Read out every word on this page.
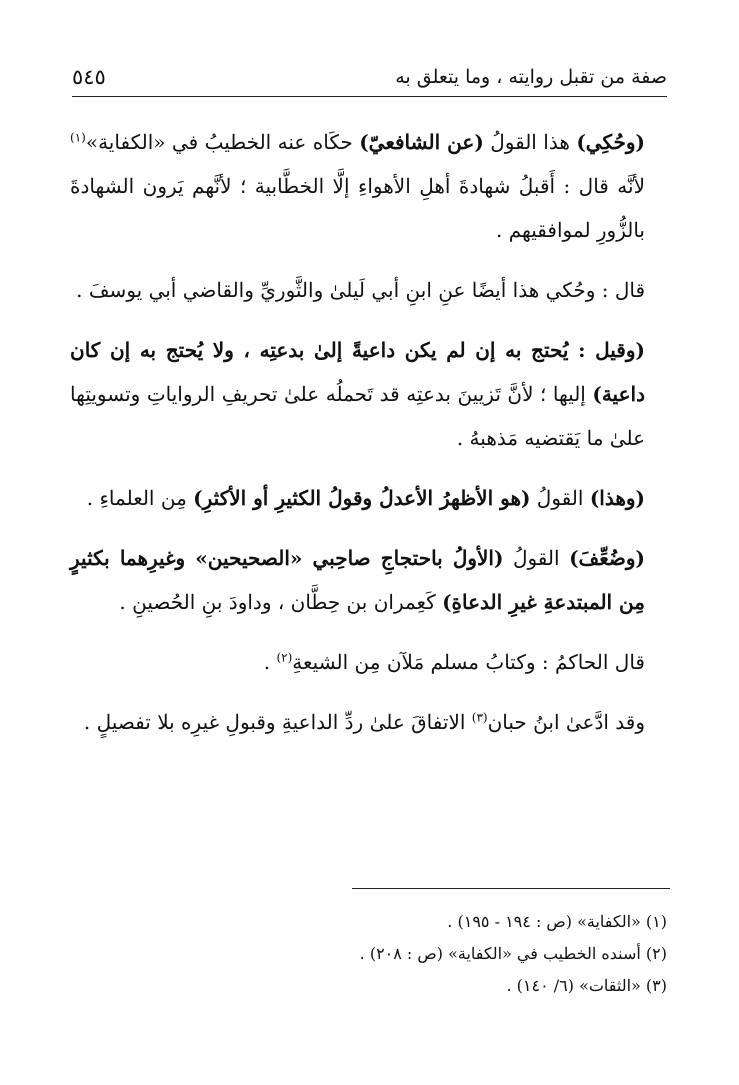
صفة من تقبل روايته ، وما يتعلق به
٥٤٥

(وحُكِي) هذا القولُ (عن الشافعيّ) حكَاه عنه الخطيبُ في «الكفاية»$^{(١)}$ لأنَّه قال : أَقبلُ شهادةَ أهلِ الأهواءِ إلَّا الخطَّابية ؛ لأنَّهم يَرون الشهادةَ بالزُّورِ لموافقيهم .

قال : وحُكي هذا أيضًا عنِ ابنِ أبي لَيلىٰ والثَّوريِّ والقاضي أبي يوسفَ .

(وقيل : يُحتج به إن لم يكن داعيةً إلىٰ بدعتِه ، ولا يُحتج به إن كان داعية) إليها ؛ لأنَّ تَزيينَ بدعتِه قد تَحملُه علىٰ تحريفِ الرواياتِ وتسويتِها علىٰ ما يَقتضيه مَذهبهُ .

(وهذا) القولُ (هو الأظهرُ الأعدلُ وقولُ الكثيرِ أو الأكثرِ) مِن العلماءِ .

(وضُعِّفَ) القولُ (الأولُ باحتجاجِ صاحِبي «الصحيحين» وغيرِهما بكثيرٍ مِن المبتدعةِ غيرِ الدعاةِ) كَعِمران بن حِطَّان ، وداودَ بنِ الحُصينِ .

قال الحاكمُ : وكتابُ مسلم مَلآن مِن الشيعةِ$^{(٢)}$ .

وقد ادَّعىٰ ابنُ حبان$^{(٣)}$ الاتفاقَ علىٰ ردِّ الداعيةِ وقبولِ غيرِه بلا تفصيلٍ .

(١) «الكفاية» (ص : ١٩٤ - ١٩٥) .

(٢) أسنده الخطيب في «الكفاية» (ص : ٢٠٨) .

(٣) «الثقات» (٦/ ١٤٠) .
